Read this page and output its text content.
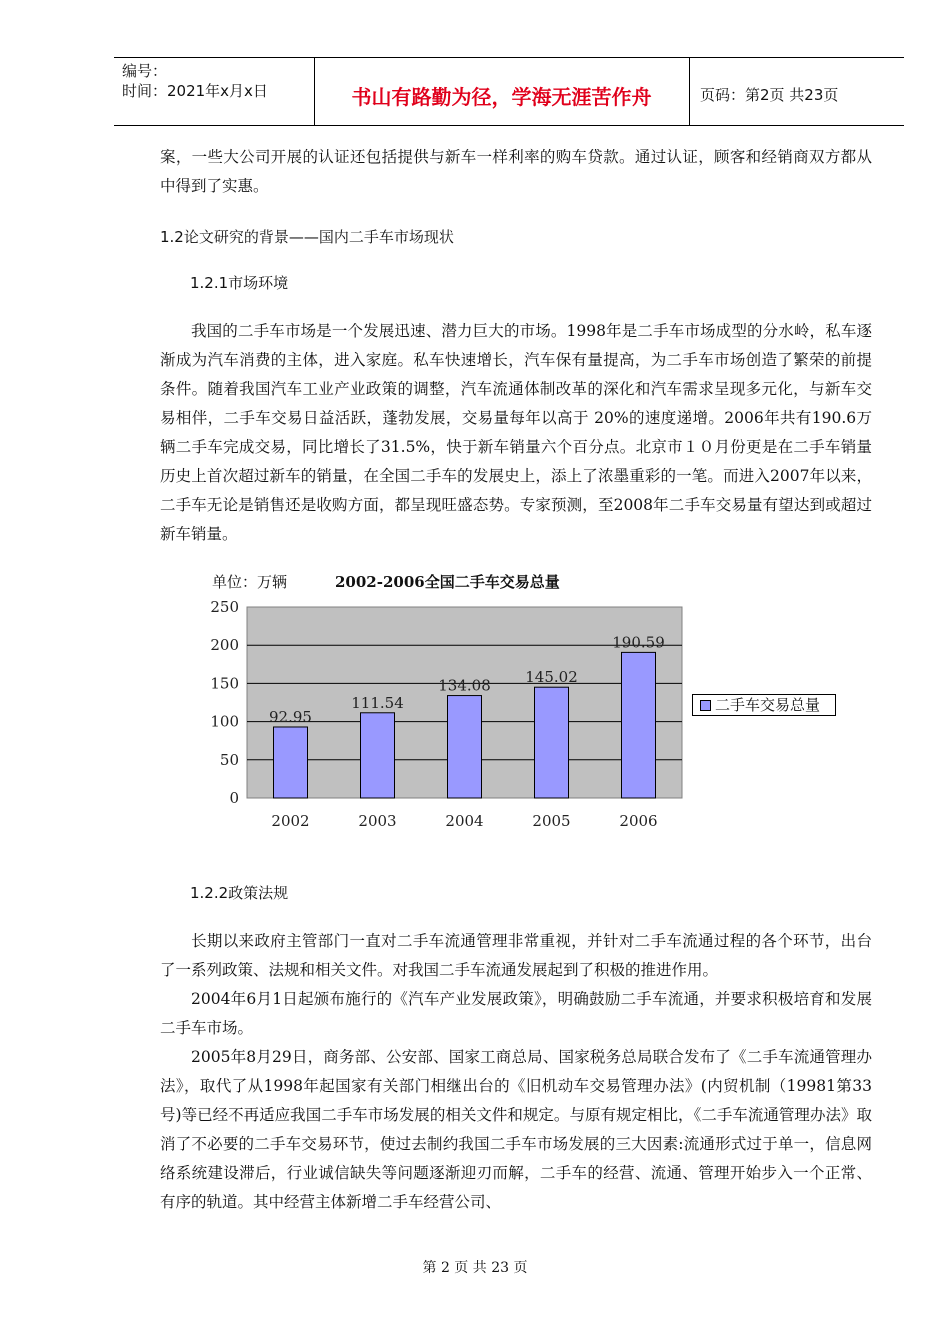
编号：
时间：2021年x月x日	书山有路勤为径，学海无涯苦作舟	页码：第2页 共23页

案，一些大公司开展的认证还包括提供与新车一样利率的购车贷款。通过认证，顾客和经销商双方都从中得到了实惠。

1.2论文研究的背景——国内二手车市场现状
1.2.1市场环境

我国的二手车市场是一个发展迅速、潜力巨大的市场。1998年是二手车市场成型的分水岭，私车逐渐成为汽车消费的主体，进入家庭。私车快速增长，汽车保有量提高，为二手车市场创造了繁荣的前提条件。随着我国汽车工业产业政策的调整，汽车流通体制改革的深化和汽车需求呈现多元化，与新车交易相伴，二手车交易日益活跃，蓬勃发展，交易量每年以高于 20%的速度递增。2006年共有190.6万辆二手车完成交易，同比增长了31.5%，快于新车销量六个百分点。北京市１０月份更是在二手车销量历史上首次超过新车的销量，在全国二手车的发展史上，添上了浓墨重彩的一笔。而进入2007年以来，二手车无论是销售还是收购方面，都呈现旺盛态势。专家预测，至2008年二手车交易量有望达到或超过新车销量。

单位：万辆	2002-2006全国二手车交易总量
0
50
100
150
200
250
92.95
2002
111.54
2003
134.08
2004
145.02
2005
190.59
2006
二手车交易总量
1.2.2政策法规

长期以来政府主管部门一直对二手车流通管理非常重视，并针对二手车流通过程的各个环节，出台了一系列政策、法规和相关文件。对我国二手车流通发展起到了积极的推进作用。

2004年6月1日起颁布施行的《汽车产业发展政策》，明确鼓励二手车流通，并要求积极培育和发展二手车市场。

2005年8月29日，商务部、公安部、国家工商总局、国家税务总局联合发布了《二手车流通管理办法》，取代了从1998年起国家有关部门相继出台的《旧机动车交易管理办法》(内贸机制（19981第33号)等已经不再适应我国二手车市场发展的相关文件和规定。与原有规定相比，《二手车流通管理办法》取消了不必要的二手车交易环节，使过去制约我国二手车市场发展的三大因素:流通形式过于单一，信息网络系统建设滞后，行业诚信缺失等问题逐渐迎刃而解，二手车的经营、流通、管理开始步入一个正常、有序的轨道。其中经营主体新增二手车经营公司、

第 2 页 共 23 页
